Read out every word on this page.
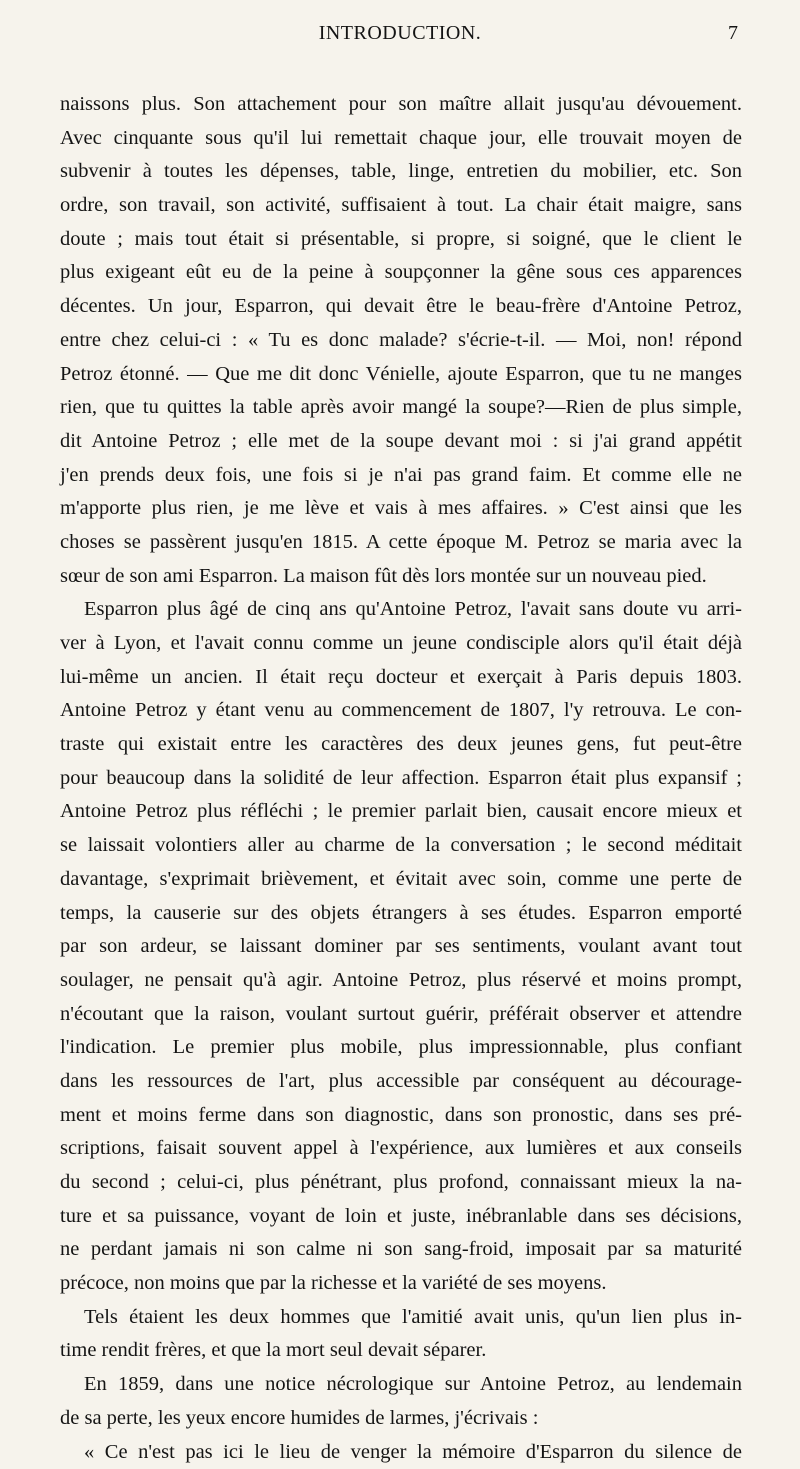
INTRODUCTION.	7
naissons plus. Son attachement pour son maître allait jusqu'au dévouement.
Avec cinquante sous qu'il lui remettait chaque jour, elle trouvait moyen de
subvenir à toutes les dépenses, table, linge, entretien du mobilier, etc. Son
ordre, son travail, son activité, suffisaient à tout. La chair était maigre, sans
doute ; mais tout était si présentable, si propre, si soigné, que le client le
plus exigeant eût eu de la peine à soupçonner la gêne sous ces apparences
décentes. Un jour, Esparron, qui devait être le beau-frère d'Antoine Petroz,
entre chez celui-ci : « Tu es donc malade? s'écrie-t-il. — Moi, non! répond
Petroz étonné. — Que me dit donc Vénielle, ajoute Esparron, que tu ne manges
rien, que tu quittes la table après avoir mangé la soupe?—Rien de plus simple,
dit Antoine Petroz ; elle met de la soupe devant moi : si j'ai grand appétit
j'en prends deux fois, une fois si je n'ai pas grand faim. Et comme elle ne
m'apporte plus rien, je me lève et vais à mes affaires. » C'est ainsi que les
choses se passèrent jusqu'en 1815. A cette époque M. Petroz se maria avec la
sœur de son ami Esparron. La maison fût dès lors montée sur un nouveau pied.
Esparron plus âgé de cinq ans qu'Antoine Petroz, l'avait sans doute vu arri-
ver à Lyon, et l'avait connu comme un jeune condisciple alors qu'il était déjà
lui-même un ancien. Il était reçu docteur et exerçait à Paris depuis 1803.
Antoine Petroz y étant venu au commencement de 1807, l'y retrouva. Le con-
traste qui existait entre les caractères des deux jeunes gens, fut peut-être
pour beaucoup dans la solidité de leur affection. Esparron était plus expansif ;
Antoine Petroz plus réfléchi ; le premier parlait bien, causait encore mieux et
se laissait volontiers aller au charme de la conversation ; le second méditait
davantage, s'exprimait brièvement, et évitait avec soin, comme une perte de
temps, la causerie sur des objets étrangers à ses études. Esparron emporté
par son ardeur, se laissant dominer par ses sentiments, voulant avant tout
soulager, ne pensait qu'à agir. Antoine Petroz, plus réservé et moins prompt,
n'écoutant que la raison, voulant surtout guérir, préférait observer et attendre
l'indication. Le premier plus mobile, plus impressionnable, plus confiant
dans les ressources de l'art, plus accessible par conséquent au décourage-
ment et moins ferme dans son diagnostic, dans son pronostic, dans ses pré-
scriptions, faisait souvent appel à l'expérience, aux lumières et aux conseils
du second ; celui-ci, plus pénétrant, plus profond, connaissant mieux la na-
ture et sa puissance, voyant de loin et juste, inébranlable dans ses décisions,
ne perdant jamais ni son calme ni son sang-froid, imposait par sa maturité
précoce, non moins que par la richesse et la variété de ses moyens.
Tels étaient les deux hommes que l'amitié avait unis, qu'un lien plus in-
time rendit frères, et que la mort seul devait séparer.
En 1859, dans une notice nécrologique sur Antoine Petroz, au lendemain
de sa perte, les yeux encore humides de larmes, j'écrivais :
« Ce n'est pas ici le lieu de venger la mémoire d'Esparron du silence de
